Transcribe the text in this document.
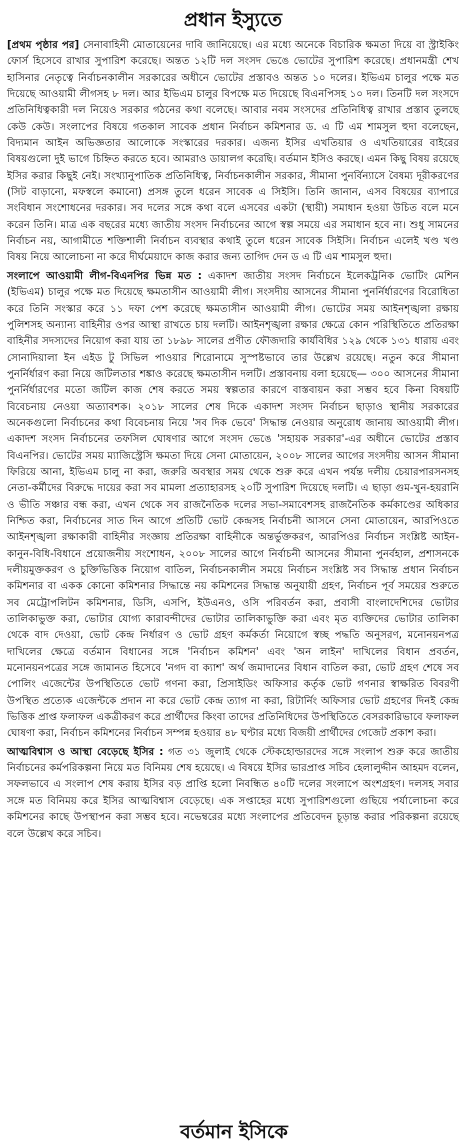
প্রধান ইস্যুতে

[প্রথম পৃষ্ঠার পর] সেনাবাহিনী মোতায়েনের দাবি জানিয়েছে। এর মধ্যে অনেকে বিচারিক ক্ষমতা দিয়ে বা স্ট্রাইকিং ফোর্স হিসেবে রাখার সুপারিশ করেছে। অন্তত ১২টি দল সংসদ ভেঙে ভোটের সুপারিশ করেছে। প্রধানমন্ত্রী শেখ হাসিনার নেতৃত্বে নির্বাচনকালীন সরকারের অধীনে ভোটের প্রস্তাবও অন্তত ১০ দলের। ইভিএম চালুর পক্ষে মত দিয়েছে আওয়ামী লীগসহ ৮ দল। আর ইভিএম চালুর বিপক্ষে মত দিয়েছে বিএনপিসহ ১০ দল। তিনটি দল সংসদে প্রতিনিধিত্বকারী দল নিয়েও সরকার গঠনের কথা বলেছে। আবার নবম সংসদের প্রতিনিধিত্ব রাখার প্রস্তাব তুলছে কেউ কেউ। সংলাপের বিষয়ে গতকাল সাবেক প্রধান নির্বাচন কমিশনার ড. এ টি এম শামসুল হুদা বলেছেন, বিদ্যমান আইন অভিজ্ঞতার আলোকে সংস্কারের দরকার। এজন্য ইসির এখতিয়ার ও এখতিয়ারের বাইরের বিষয়গুলো দুই ভাগে চিহ্নিত করতে হবে। আমরাও ডায়ালগ করেছি। বর্তমান ইসিও করছে। এমন কিছু বিষয় রয়েছে ইসির করার কিছুই নেই। সংখ্যানুপাতিক প্রতিনিধিত্ব, নির্বাচনকালীন সরকার, সীমানা পুনর্বিন্যাসে বৈষম্য দূরীকরণের (সিট বাড়ানো, মফস্বলে কমানো) প্রসঙ্গ তুলে ধরেন সাবেক এ সিইসি। তিনি জানান, এসব বিষয়ের ব্যাপারে সংবিধান সংশোধনের দরকার। সব দলের সঙ্গে কথা বলে এসবের একটা (স্থায়ী) সমাধান হওয়া উচিত বলে মনে করেন তিনি। মাত্র এক বছরের মধ্যে জাতীয় সংসদ নির্বাচনের আগে স্বল্প সময়ে এর সমাধান হবে না। শুধু সামনের নির্বাচন নয়, আগামীতে শক্তিশালী নির্বাচন ব্যবস্থার কথাই তুলে ধরেন সাবেক সিইসি। নির্বাচন এলেই খণ্ড খণ্ড বিষয় নিয়ে আলোচনা না করে দীর্ঘমেয়াদে কাজ করার জন্য তাগিদ দেন ড এ টি এম শামসুল হুদা।

সংলাপে আওয়ামী লীগ-বিএনপির ভিন্ন মত : একাদশ জাতীয় সংসদ নির্বাচনে ইলেকট্রনিক ভোটিং মেশিন (ইভিএম) চালুর পক্ষে মত দিয়েছে ক্ষমতাসীন আওয়ামী লীগ। সংসদীয় আসনের সীমানা পুনর্নির্ধারণের বিরোধিতা করে তিনি সংস্কার করে ১১ দফা পেশ করেছে ক্ষমতাসীন আওয়ামী লীগ। ভোটের সময় আইনশৃঙ্খলা রক্ষায় পুলিশসহ অন্যান্য বাহিনীর ওপর আস্থা রাখতে চায় দলটি। আইনশৃঙ্খলা রক্ষার ক্ষেত্রে কোন পরিস্থিতিতে প্রতিরক্ষা বাহিনীর সদস্যদের নিয়োগ করা যায় তা ১৮৯৮ সালের প্রণীত ফৌজদারি কার্যবিধির ১২৯ থেকে ১৩১ ধারায় এবং সোনাদিয়ালা ইন এইড টু সিভিল পাওয়ার শিরোনামে সুস্পষ্টভাবে তার উল্লেখ রয়েছে। নতুন করে সীমানা পুনর্নির্ধারণ করা নিয়ে জটিলতার শঙ্কাও করেছে ক্ষমতাসীন দলটি। প্রস্তাবনায় বলা হয়েছে— ৩০০ আসনের সীমানা পুনর্নির্ধারণের মতো জটিল কাজ শেষ করতে সময় স্বল্পতার কারণে বাস্তবায়ন করা সম্ভব হবে কিনা বিষয়টি বিবেচনায় নেওয়া অত্যাবশক। ২০১৮ সালের শেষ দিকে একাদশ সংসদ নির্বাচন ছাড়াও স্থানীয় সরকারের অনেকগুলো নির্বাচনের কথা বিবেচনায় নিয়ে 'সব দিক ভেবে' সিদ্ধান্ত নেওয়ার অনুরোধ জানায় আওয়ামী লীগ। একাদশ সংসদ নির্বাচনের তফসিল ঘোষণার আগে সংসদ ভেঙে 'সহায়ক সরকার'-এর অধীনে ভোটের প্রস্তাব বিএনপির। ভোটের সময় ম্যাজিস্ট্রেসি ক্ষমতা দিয়ে সেনা মোতায়েন, ২০০৮ সালের আগের সংসদীয় আসন সীমানা ফিরিয়ে আনা, ইভিএম চালু না করা, জরুরি অবস্থার সময় থেকে শুরু করে এখন পর্যন্ত দলীয় চেয়ারপারসনসহ নেতা-কর্মীদের বিরুদ্ধে দায়ের করা সব মামলা প্রত্যাহারসহ ২০টি সুপারিশ দিয়েছে দলটি। এ ছাড়া গুম-খুন-হয়রানি ও ভীতি সঞ্চার বন্ধ করা, এখন থেকে সব রাজনৈতিক দলের সভা-সমাবেশসহ রাজনৈতিক কর্মকাণ্ডের অধিকার নিশ্চিত করা, নির্বাচনের সাত দিন আগে প্রতিটি ভোট কেন্দ্রসহ নির্বাচনী আসনে সেনা মোতায়েন, আরপিওতে আইনশৃঙ্খলা রক্ষাকারী বাহিনীর সংজ্ঞায় প্রতিরক্ষা বাহিনীকে অন্তর্ভুক্তকরণ, আরপিওর নির্বাচন সংশ্লিষ্ট আইন-কানুন-বিধি-বিধানে প্রয়োজনীয় সংশোধন, ২০০৮ সালের আগে নির্বাচনী আসনের সীমানা পুনর্বহাল, প্রশাসনকে দলীয়মুক্তকরণ ও চুক্তিভিত্তিক নিয়োগ বাতিল, নির্বাচনকালীন সময়ে নির্বাচন সংশ্লিষ্ট সব সিদ্ধান্ত প্রধান নির্বাচন কমিশনার বা একক কোনো কমিশনার সিদ্ধান্তে নয় কমিশনের সিদ্ধান্ত অনুযায়ী গ্রহণ, নির্বাচন পূর্ব সময়ের শুরুতে সব মেট্রোপলিটন কমিশনার, ডিসি, এসপি, ইউএনও, ওসি পরিবর্তন করা, প্রবাসী বাংলাদেশিদের ভোটার তালিকাভুক্ত করা, ভোটার যোগ্য কারাবন্দীদের ভোটার তালিকাভুক্তি করা এবং মৃত ব্যক্তিদের ভোটার তালিকা থেকে বাদ দেওয়া, ভোট কেন্দ্র নির্ধারণ ও ভোট গ্রহণ কর্মকর্তা নিয়োগে স্বচ্ছ পদ্ধতি অনুসরণ, মনোনয়নপত্র দাখিলের ক্ষেত্রে বর্তমান বিধানের সঙ্গে 'নির্বাচন কমিশন' এবং 'অন লাইন' দাখিলের বিধান প্রবর্তন, মনোনয়নপত্রের সঙ্গে জামানত হিসেবে 'নগদ বা ক্যাশ' অর্থ জমাদানের বিধান বাতিল করা, ভোট গ্রহণ শেষে সব পোলিং এজেন্টের উপস্থিতিতে ভোট গণনা করা, প্রিসাইডিং অফিসার কর্তৃক ভোট গণনার স্বাক্ষরিত বিবরণী উপস্থিত প্রত্যেক এজেন্টকে প্রদান না করে ভোট কেন্দ্র ত্যাগ না করা, রিটার্নিং অফিসার ভোট গ্রহণের দিনই কেন্দ্র ভিত্তিক প্রাপ্ত ফলাফল একত্রীকরণ করে প্রার্থীদের কিংবা তাদের প্রতিনিধিদের উপস্থিতিতে বেসরকারিভাবে ফলাফল ঘোষণা করা, নির্বাচন কমিশনের নির্বাচন সম্পন্ন হওয়ার ৪৮ ঘণ্টার মধ্যে বিজয়ী প্রার্থীদের গেজেট প্রকাশ করা।

আত্মবিশ্বাস ও আস্থা বেড়েছে ইসির : গত ৩১ জুলাই থেকে স্টেকহোল্ডারদের সঙ্গে সংলাপ শুরু করে জাতীয় নির্বাচনের কর্মপরিকল্পনা নিয়ে মত বিনিময় শেষ হয়েছে। এ বিষয়ে ইসির ভারপ্রাপ্ত সচিব হেলালুদ্দীন আহমদ বলেন, সফলভাবে এ সংলাপ শেষ করায় ইসির বড় প্রাপ্তি হলো নিবন্ধিত ৪০টি দলের সংলাপে অংশগ্রহণ। দলসহ সবার সঙ্গে মত বিনিময় করে ইসির আত্মবিশ্বাস বেড়েছে। এক সপ্তাহের মধ্যে সুপারিশগুলো গুছিয়ে পর্যালোচনা করে কমিশনের কাছে উপস্থাপন করা সম্ভব হবে। নভেম্বরের মধ্যে সংলাপের প্রতিবেদন চূড়ান্ত করার পরিকল্পনা রয়েছে বলে উল্লেখ করে সচিব।

বর্তমান ইসিকে
